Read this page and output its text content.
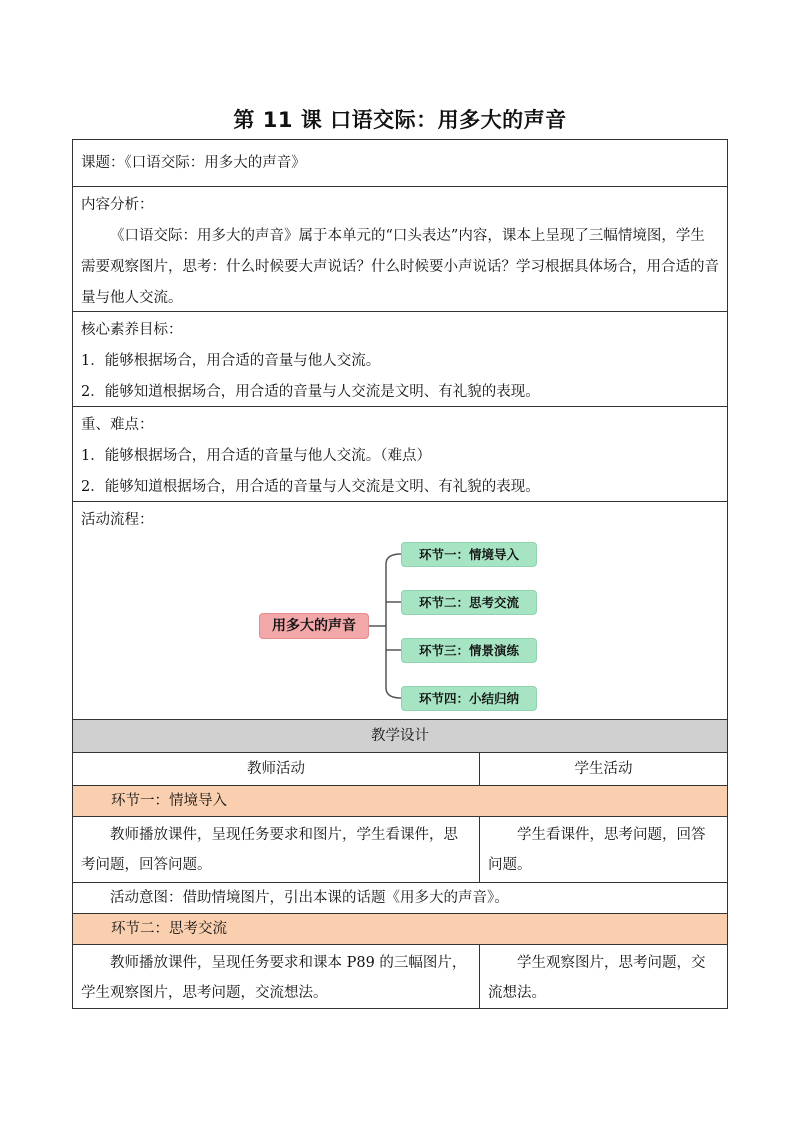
第 11 课 口语交际：用多大的声音
课题：《口语交际：用多大的声音》
内容分析：
《口语交际：用多大的声音》属于本单元的“口头表达”内容，课本上呈现了三幅情境图，学生需要观察图片，思考：什么时候要大声说话？什么时候要小声说话？学习根据具体场合，用合适的音量与他人交流。
核心素养目标：
1．能够根据场合，用合适的音量与他人交流。
2．能够知道根据场合，用合适的音量与人交流是文明、有礼貌的表现。
重、难点：
1．能够根据场合，用合适的音量与他人交流。（难点）
2．能够知道根据场合，用合适的音量与人交流是文明、有礼貌的表现。
活动流程：
用多大的声音
环节一：情境导入
环节二：思考交流
环节三：情景演练
环节四：小结归纳
教学设计
教师活动	学生活动
环节一：情境导入
教师播放课件，呈现任务要求和图片，学生看课件，思考问题，回答问题。
学生看课件，思考问题，回答问题。
活动意图：借助情境图片，引出本课的话题《用多大的声音》。
环节二：思考交流
教师播放课件，呈现任务要求和课本 P89 的三幅图片，学生观察图片，思考问题，交流想法。
学生观察图片，思考问题，交流想法。
